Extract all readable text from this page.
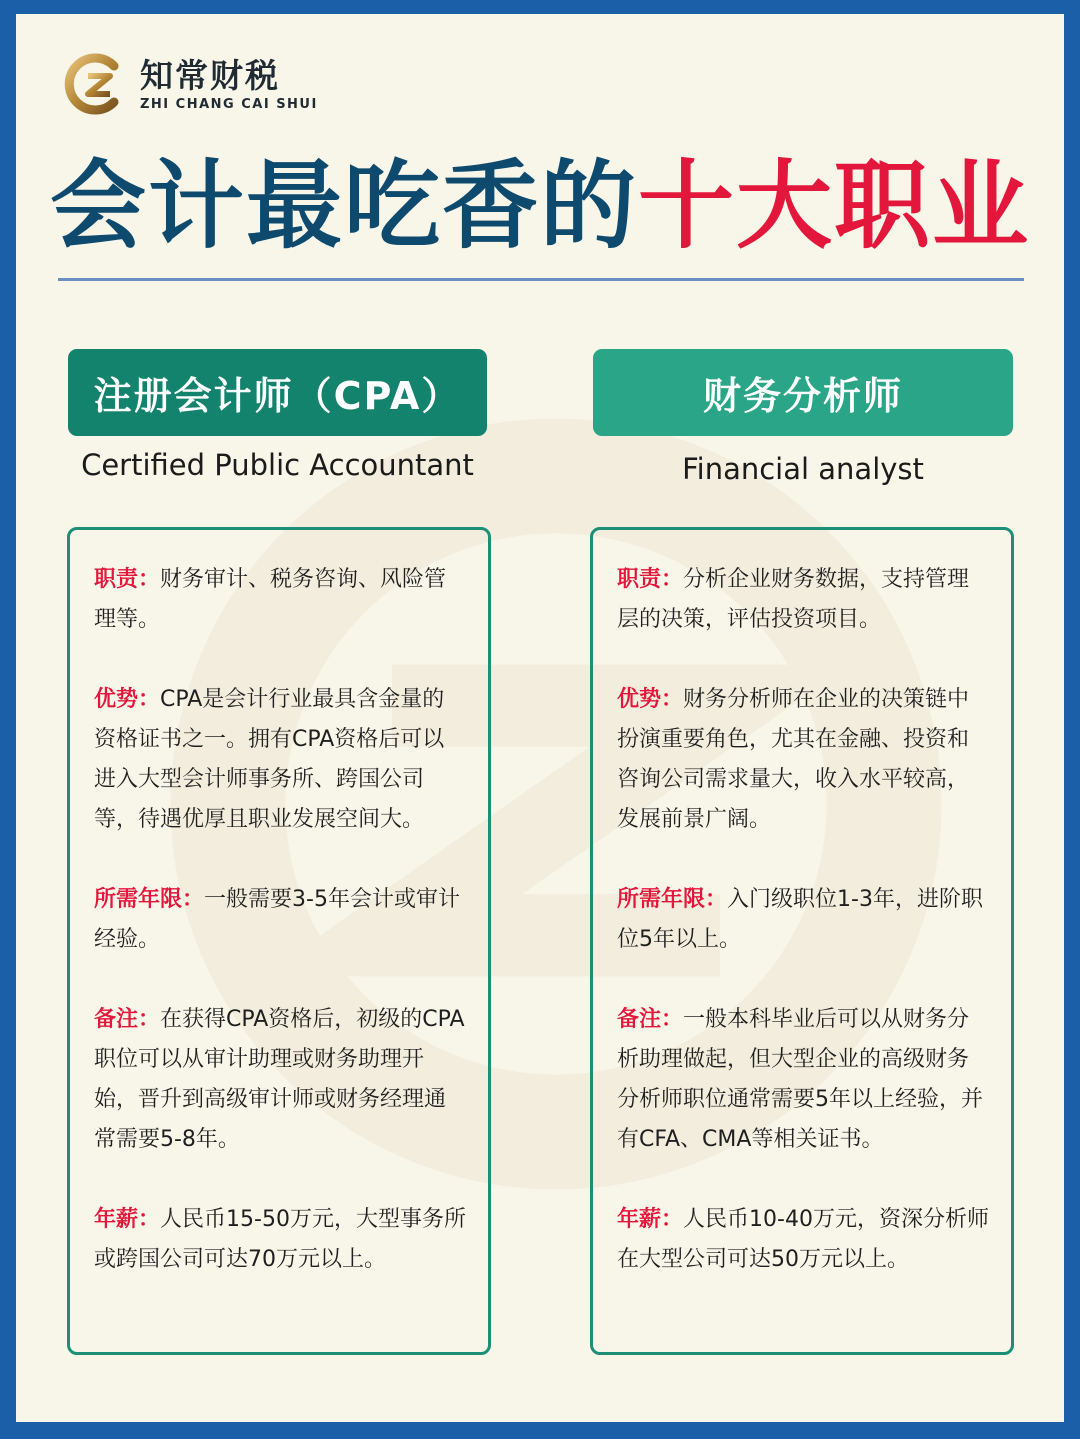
知常财税
ZHI CHANG CAI SHUI
会计最吃香的十大职业
注册会计师（CPA）
Certified Public Accountant
职责：财务审计、税务咨询、风险管理等。
优势：CPA是会计行业最具含金量的资格证书之一。拥有CPA资格后可以进入大型会计师事务所、跨国公司等，待遇优厚且职业发展空间大。
所需年限：一般需要3-5年会计或审计经验。
备注：在获得CPA资格后，初级的CPA职位可以从审计助理或财务助理开始，晋升到高级审计师或财务经理通常需要5-8年。
年薪：人民币15-50万元，大型事务所或跨国公司可达70万元以上。
财务分析师
Financial analyst
职责：分析企业财务数据，支持管理层的决策，评估投资项目。
优势：财务分析师在企业的决策链中扮演重要角色，尤其在金融、投资和咨询公司需求量大，收入水平较高，发展前景广阔。
所需年限：入门级职位1-3年，进阶职位5年以上。
备注：一般本科毕业后可以从财务分析助理做起，但大型企业的高级财务分析师职位通常需要5年以上经验，并有CFA、CMA等相关证书。
年薪：人民币10-40万元，资深分析师在大型公司可达50万元以上。
